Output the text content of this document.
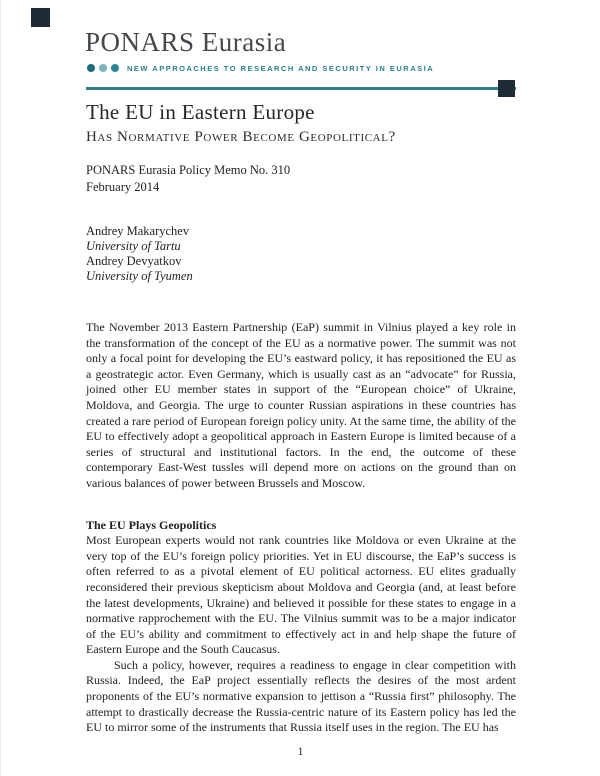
PONARS Eurasia
NEW APPROACHES TO RESEARCH AND SECURITY IN EURASIA
The EU in Eastern Europe
Has Normative Power Become Geopolitical?
PONARS Eurasia Policy Memo No. 310
February 2014
Andrey Makarychev
University of Tartu
Andrey Devyatkov
University of Tyumen

The November 2013 Eastern Partnership (EaP) summit in Vilnius played a key role in the transformation of the concept of the EU as a normative power. The summit was not only a focal point for developing the EU’s eastward policy, it has repositioned the EU as a geostrategic actor. Even Germany, which is usually cast as an “advocate” for Russia, joined other EU member states in support of the “European choice” of Ukraine, Moldova, and Georgia. The urge to counter Russian aspirations in these countries has created a rare period of European foreign policy unity. At the same time, the ability of the EU to effectively adopt a geopolitical approach in Eastern Europe is limited because of a series of structural and institutional factors. In the end, the outcome of these contemporary East-West tussles will depend more on actions on the ground than on various balances of power between Brussels and Moscow.

The EU Plays Geopolitics

Most European experts would not rank countries like Moldova or even Ukraine at the very top of the EU’s foreign policy priorities. Yet in EU discourse, the EaP’s success is often referred to as a pivotal element of EU political actorness. EU elites gradually reconsidered their previous skepticism about Moldova and Georgia (and, at least before the latest developments, Ukraine) and believed it possible for these states to engage in a normative rapprochement with the EU. The Vilnius summit was to be a major indicator of the EU’s ability and commitment to effectively act in and help shape the future of Eastern Europe and the South Caucasus.

Such a policy, however, requires a readiness to engage in clear competition with Russia. Indeed, the EaP project essentially reflects the desires of the most ardent proponents of the EU’s normative expansion to jettison a “Russia first” philosophy. The attempt to drastically decrease the Russia-centric nature of its Eastern policy has led the EU to mirror some of the instruments that Russia itself uses in the region. The EU has

1
